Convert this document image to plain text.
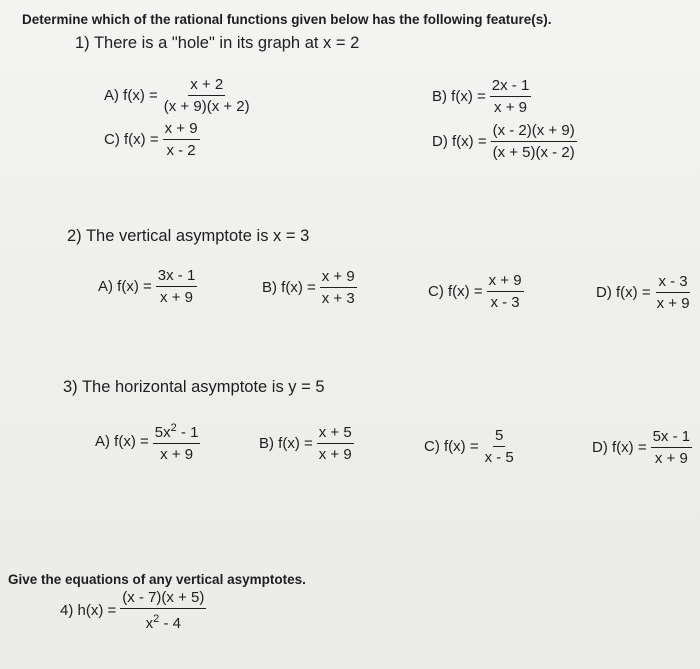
Determine which of the rational functions given below has the following feature(s).
1) There is a "hole" in its graph at x = 2
A) $f(x) = \frac{x + 2}{(x + 9)(x + 2)}$	B) $f(x) = \frac{2x - 1}{x + 9}$
C) $f(x) = \frac{x + 9}{x - 2}$	D) $f(x) = \frac{(x - 2)(x + 9)}{(x + 5)(x - 2)}$
2) The vertical asymptote is x = 3
A) $f(x) = \frac{3x - 1}{x + 9}$	B) $f(x) = \frac{x + 9}{x + 3}$	C) $f(x) = \frac{x + 9}{x - 3}$	D) $f(x) = \frac{x - 3}{x + 9}$
3) The horizontal asymptote is y = 5
A) $f(x) = \frac{5x^2 - 1}{x + 9}$	B) $f(x) = \frac{x + 5}{x + 9}$	C) $f(x) = \frac{5}{x - 5}$	D) $f(x) = \frac{5x - 1}{x + 9}$
Give the equations of any vertical asymptotes.
4) $h(x) = \frac{(x - 7)(x + 5)}{x^2 - 4}$
